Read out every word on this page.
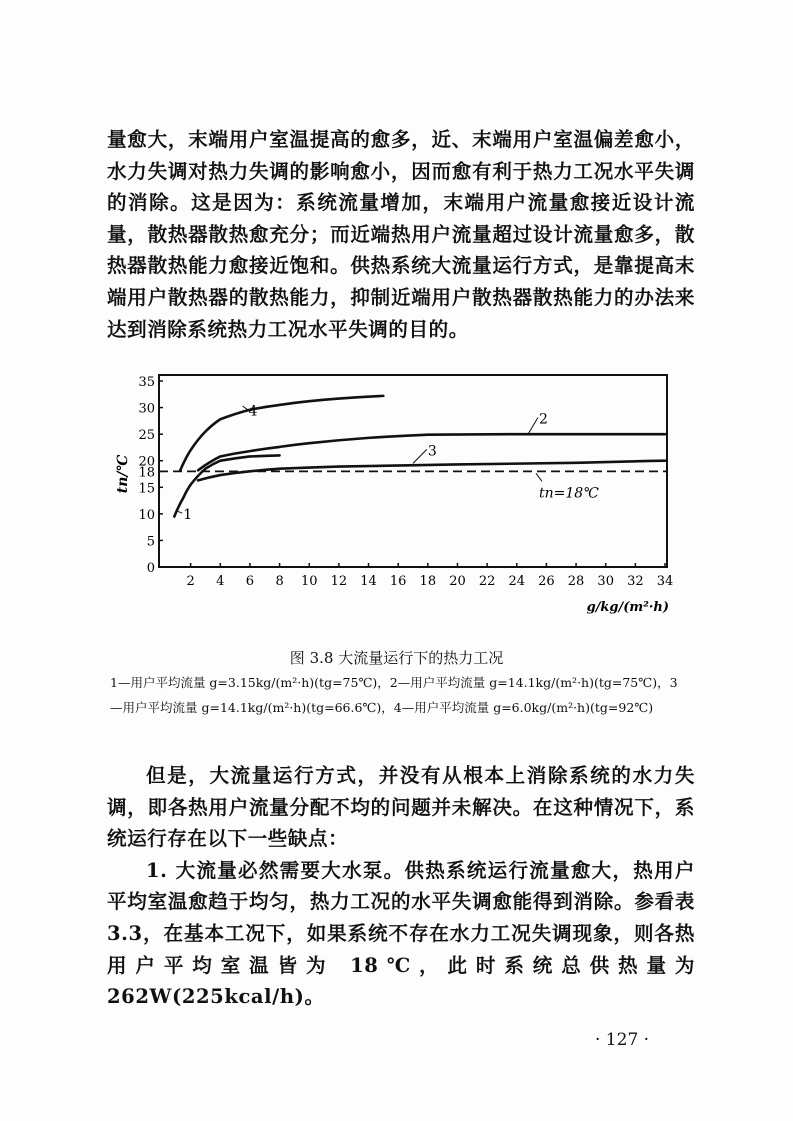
量愈大，末端用户室温提高的愈多，近、末端用户室温偏差愈小，水力失调对热力失调的影响愈小，因而愈有利于热力工况水平失调的消除。这是因为：系统流量增加，末端用户流量愈接近设计流量，散热器散热愈充分；而近端热用户流量超过设计流量愈多，散热器散热能力愈接近饱和。供热系统大流量运行方式，是靠提高末端用户散热器的散热能力，抑制近端用户散热器散热能力的办法来达到消除系统热力工况水平失调的目的。

2 4 6 8 10 12 14 16 18 20 22 24 26 28 30 32 34
0
5
10
15
18
20
25
30
35
g/kg/(m²·h)
tn/℃
tn=18℃
1
2
3
4
图 3.8 大流量运行下的热力工况

1—用户平均流量 g=3.15kg/(m²·h)(tg=75℃)，2—用户平均流量 g=14.1kg/(m²·h)(tg=75℃)，3—用户平均流量 g=14.1kg/(m²·h)(tg=66.6℃)，4—用户平均流量 g=6.0kg/(m²·h)(tg=92℃)

但是，大流量运行方式，并没有从根本上消除系统的水力失调，即各热用户流量分配不均的问题并未解决。在这种情况下，系统运行存在以下一些缺点：

1. 大流量必然需要大水泵。供热系统运行流量愈大，热用户平均室温愈趋于均匀，热力工况的水平失调愈能得到消除。参看表3.3，在基本工况下，如果系统不存在水力工况失调现象，则各热用户平均室温皆为 18℃，此时系统总供热量为 262W(225kcal/h)。

· 127 ·
